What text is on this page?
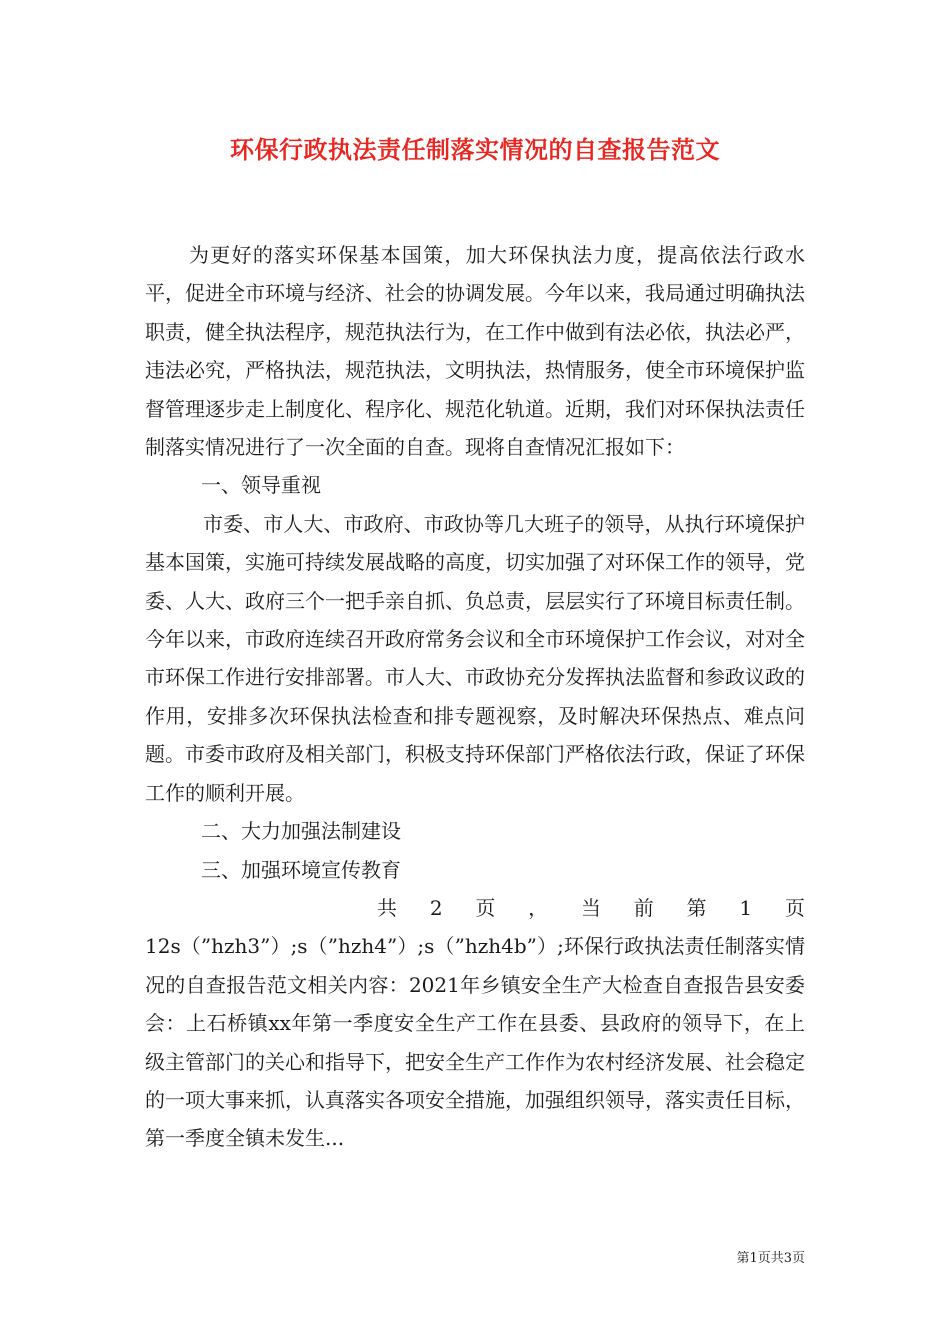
环保行政执法责任制落实情况的自查报告范文

为更好的落实环保基本国策，加大环保执法力度，提高依法行政水平，促进全市环境与经济、社会的协调发展。今年以来，我局通过明确执法职责，健全执法程序，规范执法行为，在工作中做到有法必依，执法必严，违法必究，严格执法，规范执法，文明执法，热情服务，使全市环境保护监督管理逐步走上制度化、程序化、规范化轨道。近期，我们对环保执法责任制落实情况进行了一次全面的自查。现将自查情况汇报如下：

一、领导重视

市委、市人大、市政府、市政协等几大班子的领导，从执行环境保护基本国策，实施可持续发展战略的高度，切实加强了对环保工作的领导，党委、人大、政府三个一把手亲自抓、负总责，层层实行了环境目标责任制。今年以来，市政府连续召开政府常务会议和全市环境保护工作会议，对对全市环保工作进行安排部署。市人大、市政协充分发挥执法监督和参政议政的作用，安排多次环保执法检查和排专题视察，及时解决环保热点、难点问题。市委市政府及相关部门，积极支持环保部门严格依法行政，保证了环保工作的顺利开展。

二、大力加强法制建设

三、加强环境宣传教育

共 2 页 ， 当 前 第 1 页

12s（”hzh3”）;s（”hzh4”）;s（”hzh4b”）;环保行政执法责任制落实情况的自查报告范文相关内容：2021年乡镇安全生产大检查自查报告县安委会：上石桥镇xx年第一季度安全生产工作在县委、县政府的领导下，在上级主管部门的关心和指导下，把安全生产工作作为农村经济发展、社会稳定的一项大事来抓，认真落实各项安全措施，加强组织领导，落实责任目标，第一季度全镇未发生...

第1页共3页
